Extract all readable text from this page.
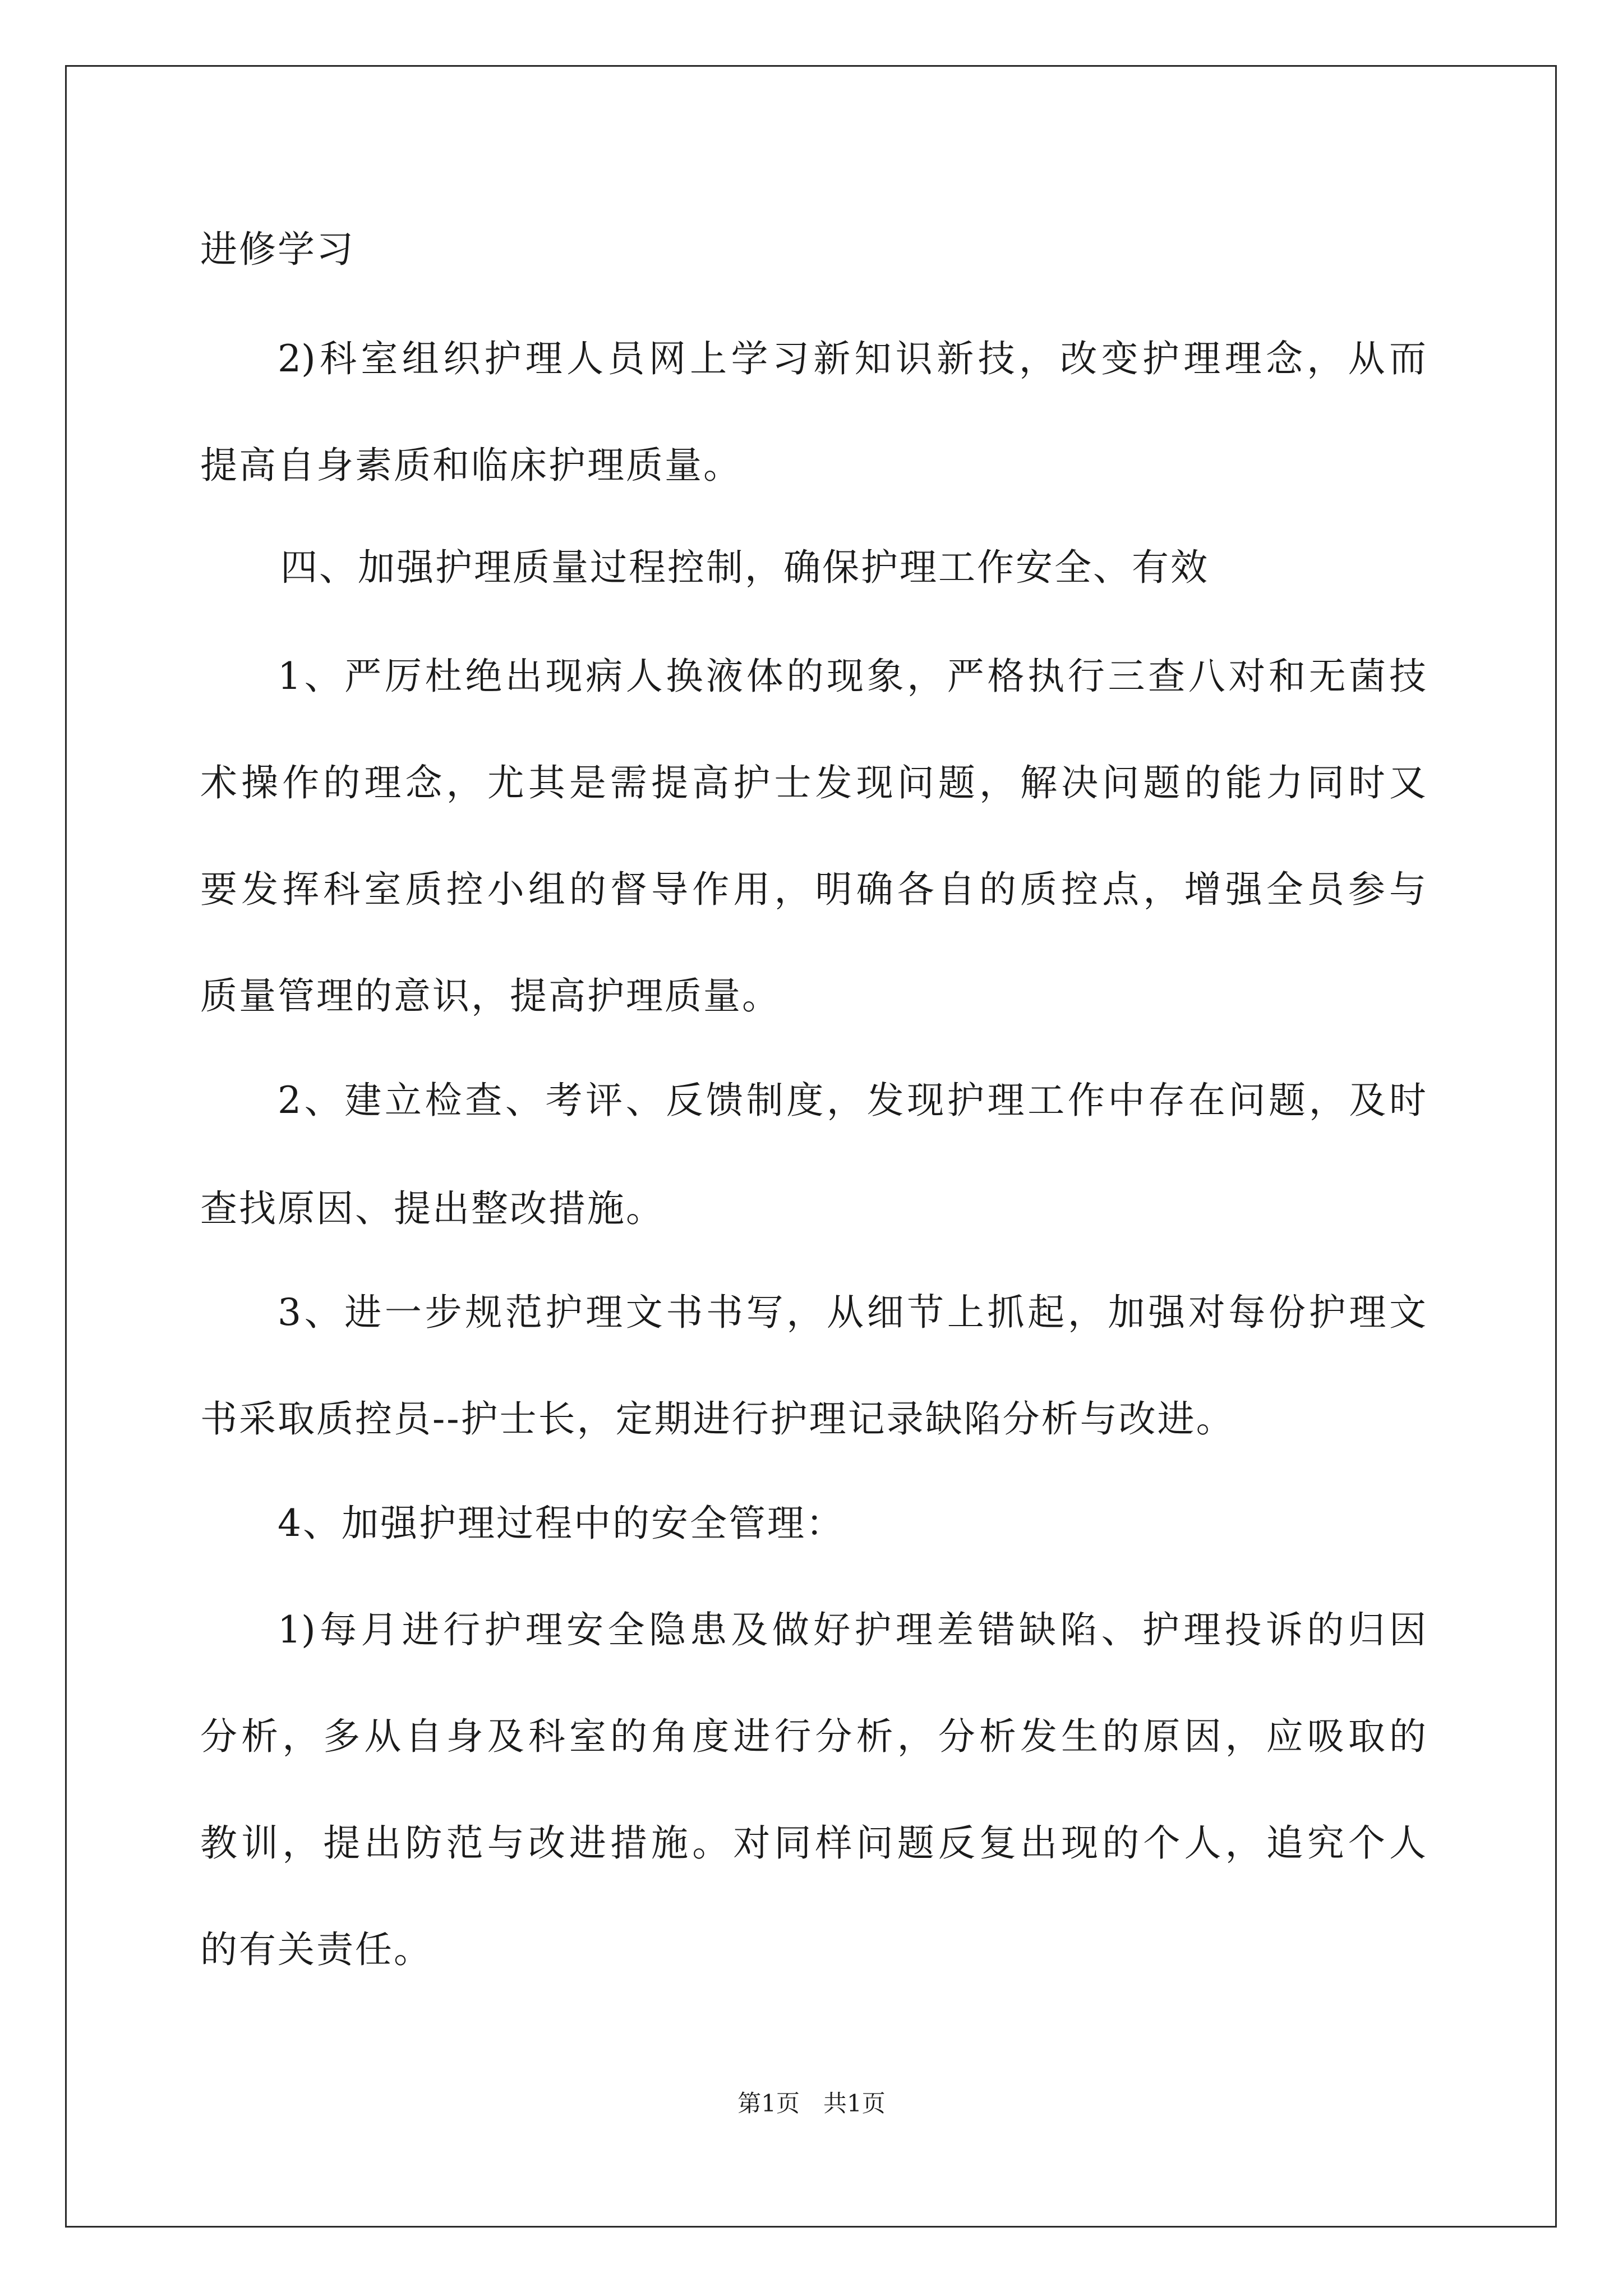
进修学习
2)科室组织护理人员网上学习新知识新技，改变护理理念，从而
提高自身素质和临床护理质量。
四、加强护理质量过程控制，确保护理工作安全、有效
1、严厉杜绝出现病人换液体的现象，严格执行三查八对和无菌技
术操作的理念，尤其是需提高护士发现问题，解决问题的能力同时又
要发挥科室质控小组的督导作用，明确各自的质控点，增强全员参与
质量管理的意识，提高护理质量。
2、建立检查、考评、反馈制度，发现护理工作中存在问题，及时
查找原因、提出整改措施。
3、进一步规范护理文书书写，从细节上抓起，加强对每份护理文
书采取质控员--护士长，定期进行护理记录缺陷分析与改进。
4、加强护理过程中的安全管理：
1)每月进行护理安全隐患及做好护理差错缺陷、护理投诉的归因
分析，多从自身及科室的角度进行分析，分析发生的原因，应吸取的
教训，提出防范与改进措施。对同样问题反复出现的个人，追究个人
的有关责任。
第1页　共1页
